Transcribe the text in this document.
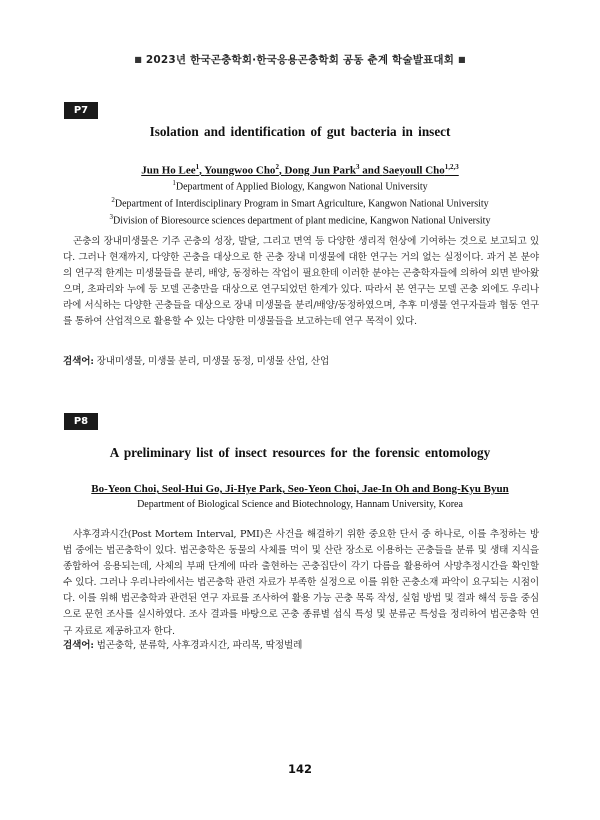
■ 2023년 한국곤충학회·한국응용곤충학회 공동 춘계 학술발표대회 ■
P7
Isolation and identification of gut bacteria in insect
Jun Ho Lee$^1$, Youngwoo Cho$^2$, Dong Jun Park$^3$ and Saeyoull Cho$^{1,2,3}$
$^1$Department of Applied Biology, Kangwon National University
$^2$Department of Interdisciplinary Program in Smart Agriculture, Kangwon National University
$^3$Division of Bioresource sciences department of plant medicine, Kangwon National University

곤충의 장내미생물은 기주 곤충의 성장, 발달, 그리고 면역 등 다양한 생리적 현상에 기여하는 것으로 보고되고 있다. 그러나 현재까지, 다양한 곤충을 대상으로 한 곤충 장내 미생물에 대한 연구는 거의 없는 실정이다. 과거 본 분야의 연구적 한계는 미생물들을 분리, 배양, 동정하는 작업이 필요한데 이러한 분야는 곤충학자들에 의하여 외면 받아왔으며, 초파리와 누에 등 모델 곤충만을 대상으로 연구되었던 한계가 있다. 따라서 본 연구는 모델 곤충 외에도 우리나라에 서식하는 다양한 곤충들을 대상으로 장내 미생물을 분리/배양/동정하였으며, 추후 미생물 연구자들과 협동 연구를 통하여 산업적으로 활용할 수 있는 다양한 미생물들을 보고하는데 연구 목적이 있다.

검색어: 장내미생물, 미생물 분리, 미생물 동정, 미생물 산업, 산업
P8
A preliminary list of insect resources for the forensic entomology
Bo-Yeon Choi, Seol-Hui Go, Ji-Hye Park, Seo-Yeon Choi, Jae-In Oh and Bong-Kyu Byun
Department of Biological Science and Biotechnology, Hannam University, Korea

사후경과시간(Post Mortem Interval, PMI)은 사건을 해결하기 위한 중요한 단서 중 하나로, 이를 추정하는 방법 중에는 법곤충학이 있다. 법곤충학은 동물의 사체를 먹이 및 산란 장소로 이용하는 곤충들을 분류 및 생태 지식을 종합하여 응용되는데, 사체의 부패 단계에 따라 출현하는 곤충집단이 각기 다름을 활용하여 사망추정시간을 확인할 수 있다. 그러나 우리나라에서는 법곤충학 관련 자료가 부족한 실정으로 이를 위한 곤충소재 파악이 요구되는 시점이다. 이를 위해 법곤충학과 관련된 연구 자료를 조사하여 활용 가능 곤충 목록 작성, 실험 방법 및 결과 해석 등을 중심으로 문헌 조사를 실시하였다. 조사 결과를 바탕으로 곤충 종류별 섭식 특성 및 분류군 특성을 정리하여 법곤충학 연구 자료로 제공하고자 한다.

검색어: 법곤충학, 분류학, 사후경과시간, 파리목, 딱정벌레
142
